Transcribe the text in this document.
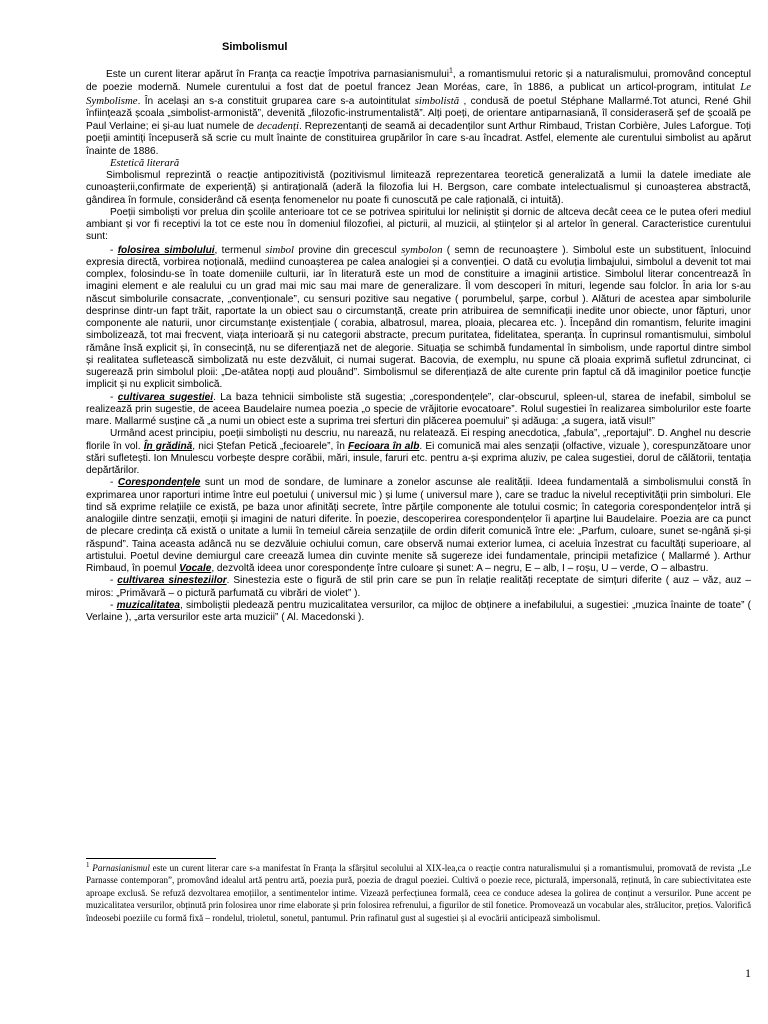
Simbolismul

Este un curent literar apărut în Franța ca reacție împotriva parnasianismului$^1$, a romantismului retoric și a naturalismului, promovând conceptul de poezie modernă. Numele curentului a fost dat de poetul francez Jean Moréas, care, în 1886, a publicat un articol-program, intitulat Le Symbolisme. În același an s-a constituit gruparea care s-a autointitulat simbolistă , condusă de poetul Stéphane Mallarmé.Tot atunci, René Ghil înființează școala „simbolist-armonistă”, devenită „filozofic-instrumentalistă”. Alți poeți, de orientare antiparnasiană, îl consideraseră șef de școală pe Paul Verlaine; ei și-au luat numele de decadenți. Reprezentanți de seamă ai decadenților sunt Arthur Rimbaud, Tristan Corbière, Jules Laforgue. Toți poeții amintiți începuseră să scrie cu mult înainte de constituirea grupărilor în care s-au încadrat. Astfel, elemente ale curentului simbolist au apărut înainte de 1886.

Estetică literară

Simbolismul reprezintă o reacție antipozitivistă (pozitivismul limitează reprezentarea teoretică generalizată a lumii la datele imediate ale cunoașterii,confirmate de experiență) și antirațională (aderă la filozofia lui H. Bergson, care combate intelectualismul și cunoașterea abstractă, gândirea în formule, considerând că esența fenomenelor nu poate fi cunoscută pe cale rațională, ci intuită).

Poeții simboliști vor prelua din școlile anterioare tot ce se potrivea spiritului lor neliniștit și dornic de altceva decât ceea ce le putea oferi mediul ambiant și vor fi receptivi la tot ce este nou în domeniul filozofiei, al picturii, al muzicii, al științelor și al artelor în general. Caracteristice curentului sunt:

- folosirea simbolului, termenul simbol provine din grecescul symbolon ( semn de recunoaștere ). Simbolul este un substituent, înlocuind expresia directă, vorbirea noțională, mediind cunoașterea pe calea analogiei și a convenției. O dată cu evoluția limbajului, simbolul a devenit tot mai complex, folosindu-se în toate domeniile culturii, iar în literatură este un mod de constituire a imaginii artistice. Simbolul literar concentrează în imagini element e ale realului cu un grad mai mic sau mai mare de generalizare. Îl vom descoperi în mituri, legende sau folclor. În aria lor s-au născut simbolurile consacrate, „convenționale”, cu sensuri pozitive sau negative ( porumbelul, șarpe, corbul ). Alături de acestea apar simbolurile desprinse dintr-un fapt trăit, raportate la un obiect sau o circumstanță, create prin atribuirea de semnificații inedite unor obiecte, unor făpturi, unor componente ale naturii, unor circumstanțe existențiale ( corabia, albatrosul, marea, ploaia, plecarea etc. ). Începând din romantism, felurite imagini simbolizează, tot mai frecvent, viața interioară și nu categorii abstracte, precum puritatea, fidelitatea, speranța. În cuprinsul romantismului, simbolul rămâne însă explicit și, în consecință, nu se diferențiază net de alegorie. Situația se schimbă fundamental în simbolism, unde raportul dintre simbol și realitatea sufletească simbolizată nu este dezvăluit, ci numai sugerat. Bacovia, de exemplu, nu spune că ploaia exprimă sufletul zdruncinat, ci sugerează prin simbolul ploii: „De-atâtea nopți aud plouând”. Simbolismul se diferențiază de alte curente prin faptul că dă imaginilor poetice funcție implicit și nu explicit simbolică.

- cultivarea sugestiei. La baza tehnicii simboliste stă sugestia; „corespondențele”, clar-obscurul, spleen-ul, starea de inefabil, simbolul se realizează prin sugestie, de aceea Baudelaire numea poezia „o specie de vrăjitorie evocatoare”. Rolul sugestiei în realizarea simbolurilor este foarte mare. Mallarmé susține că „a numi un obiect este a suprima trei sferturi din plăcerea poemului” și adăuga: „a sugera, iată visul!”

Urmând acest principiu, poeții simboliști nu descriu, nu narează, nu relatează. Ei resping anecdotica, „fabula”, „reportajul”. D. Anghel nu descrie florile în vol. În grădină, nici Ștefan Petică „fecioarele”, în Fecioara în alb. Ei comunică mai ales senzații (olfactive, vizuale ), corespunzătoare unor stări sufletești. Ion Mnulescu vorbește despre corăbii, mări, insule, faruri etc. pentru a-și exprima aluziv, pe calea sugestiei, dorul de călătorii, tentația depărtărilor.

- Corespondențele sunt un mod de sondare, de luminare a zonelor ascunse ale realității. Ideea fundamentală a simbolismului constă în exprimarea unor raporturi intime între eul poetului ( universul mic ) și lume ( universul mare ), care se traduc la nivelul receptivității prin simboluri. Ele tind să exprime relațiile ce există, pe baza unor afinități secrete, între părțile componente ale totului cosmic; în categoria corespondențelor intră și analogiile dintre senzații, emoții și imagini de naturi diferite. În poezie, descoperirea corespondențelor îi aparține lui Baudelaire. Poezia are ca punct de plecare credința că există o unitate a lumii în temeiul căreia senzațiile de ordin diferit comunică între ele: „Parfum, culoare, sunet se-ngână și-și răspund”. Taina aceasta adâncă nu se dezvăluie ochiului comun, care observă numai exterior lumea, ci aceluia înzestrat cu facultăți superioare, al artistului. Poetul devine demiurgul care creează lumea din cuvinte menite să sugereze idei fundamentale, principii metafizice ( Mallarmé ). Arthur Rimbaud, în poemul Vocale, dezvoltă ideea unor corespondențe între culoare și sunet: A – negru, E – alb, I – roșu, U – verde, O – albastru.

- cultivarea sinesteziilor. Sinestezia este o figură de stil prin care se pun în relație realități receptate de simțuri diferite ( auz – văz, auz – miros: „Primăvară – o pictură parfumată cu vibrări de violet” ).

- muzicalitatea, simboliștii pledează pentru muzicalitatea versurilor, ca mijloc de obținere a inefabilului, a sugestiei: „muzica înainte de toate” ( Verlaine ), „arta versurilor este arta muzicii” ( Al. Macedonski ).

$^1$ Parnasianismul este un curent literar care s-a manifestat în Franța la sfârșitul secolului al XIX-lea,ca o reacție contra naturalismului și a romantismului, promovată de revista „Le Parnasse contemporan”, promovând idealul artă pentru artă, poezia pură, poezia de dragul poeziei. Cultivă o poezie rece, picturală, impersonală, reținută, în care subiectivitatea este aproape exclusă. Se refuză dezvoltarea emoțiilor, a sentimentelor intime. Vizează perfecțiunea formală, ceea ce conduce adesea la golirea de conținut a versurilor. Pune accent pe muzicalitatea versurilor, obținută prin folosirea unor rime elaborate și prin folosirea refrenului, a figurilor de stil fonetice. Promovează un vocabular ales, strălucitor, prețios. Valorifică îndeosebi poeziile cu formă fixă – rondelul, trioletul, sonetul, pantumul. Prin rafinatul gust al sugestiei și al evocării anticipează simbolismul.

1
